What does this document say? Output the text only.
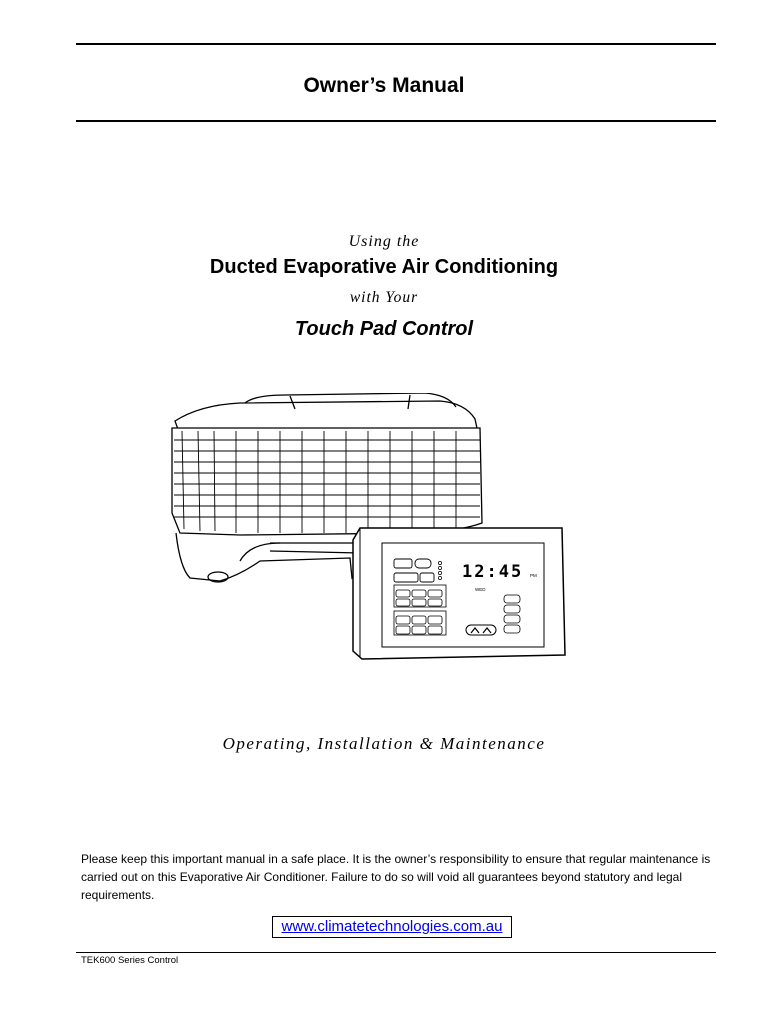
Owner’s Manual
Using the
Ducted Evaporative Air Conditioning
with Your
Touch Pad Control
12:45 PM
WED
Operating, Installation & Maintenance
Please keep this important manual in a safe place. It is the owner’s responsibility to ensure that regular maintenance is carried out on this Evaporative Air Conditioner. Failure to do so will void all guarantees beyond statutory and legal requirements.
www.climatetechnologies.com.au
TEK600 Series Control
